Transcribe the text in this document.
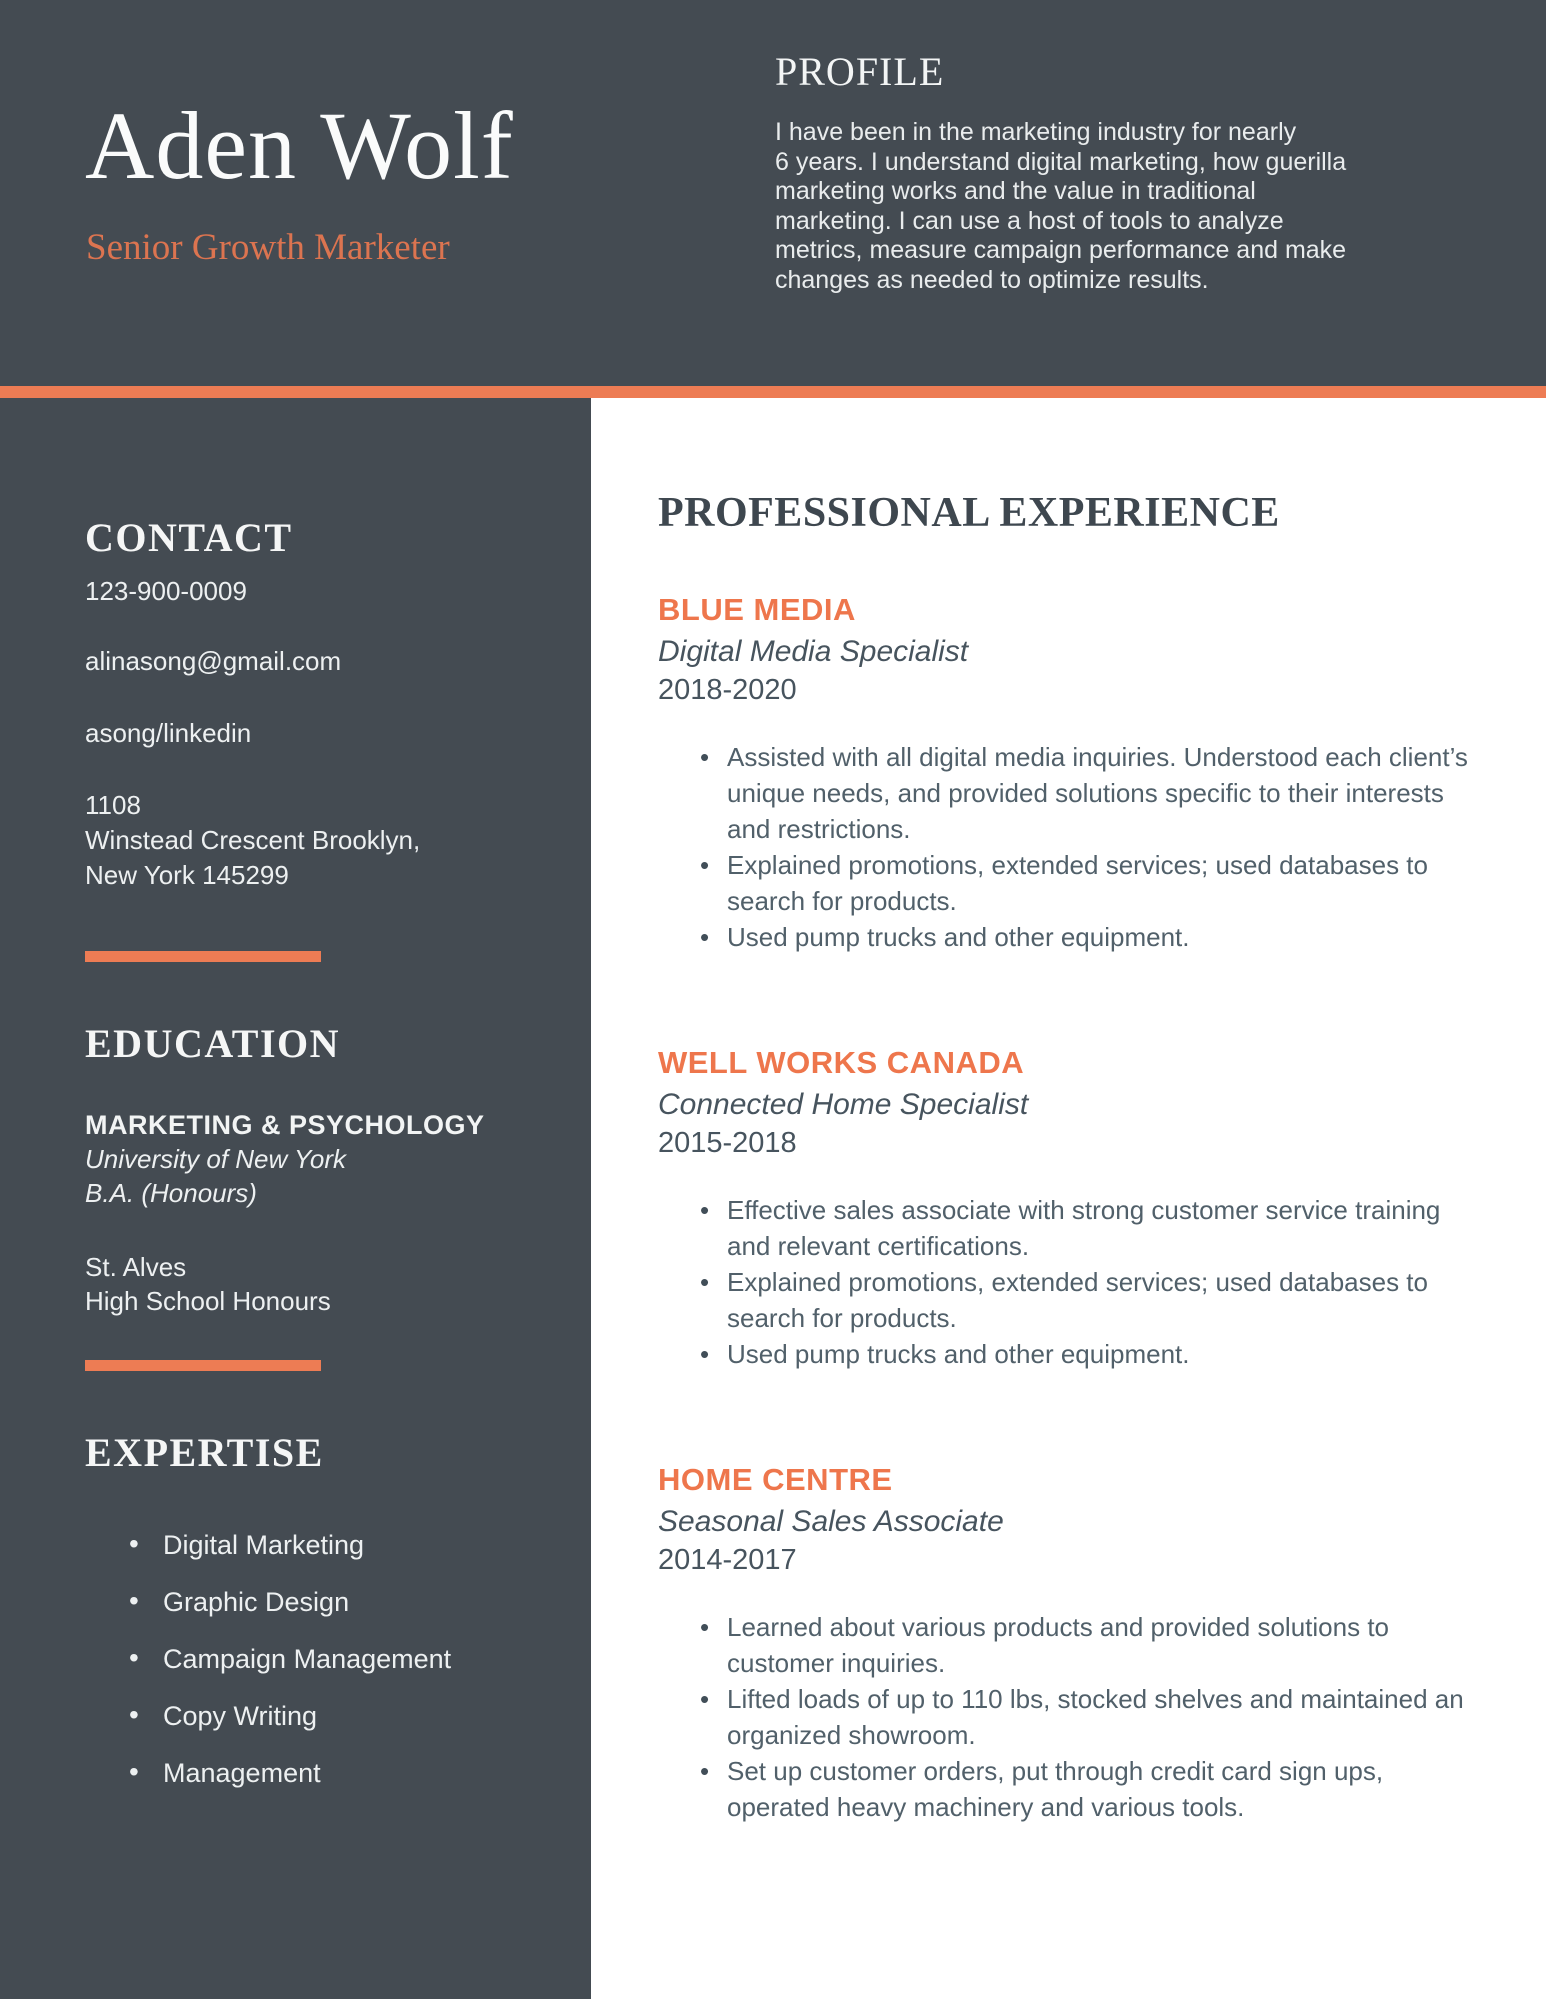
Aden Wolf
Senior Growth Marketer
PROFILE
I have been in the marketing industry for nearly
6 years. I understand digital marketing, how guerilla
marketing works and the value in traditional
marketing. I can use a host of tools to analyze
metrics, measure campaign performance and make
changes as needed to optimize results.
CONTACT
123-900-0009
alinasong@gmail.com
asong/linkedin
1108
Winstead Crescent Brooklyn,
New York 145299
EDUCATION
MARKETING & PSYCHOLOGY
University of New York
B.A. (Honours)
St. Alves
High School Honours
EXPERTISE
• Digital Marketing
• Graphic Design
• Campaign Management
• Copy Writing
• Management
PROFESSIONAL EXPERIENCE
BLUE MEDIA
Digital Media Specialist
2018-2020
• Assisted with all digital media inquiries. Understood each client’s unique needs, and provided solutions specific to their interests and restrictions.
• Explained promotions, extended services; used databases to search for products.
• Used pump trucks and other equipment.
WELL WORKS CANADA
Connected Home Specialist
2015-2018
• Effective sales associate with strong customer service training and relevant certifications.
• Explained promotions, extended services; used databases to search for products.
• Used pump trucks and other equipment.
HOME CENTRE
Seasonal Sales Associate
2014-2017
• Learned about various products and provided solutions to customer inquiries.
• Lifted loads of up to 110 lbs, stocked shelves and maintained an organized showroom.
• Set up customer orders, put through credit card sign ups, operated heavy machinery and various tools.
